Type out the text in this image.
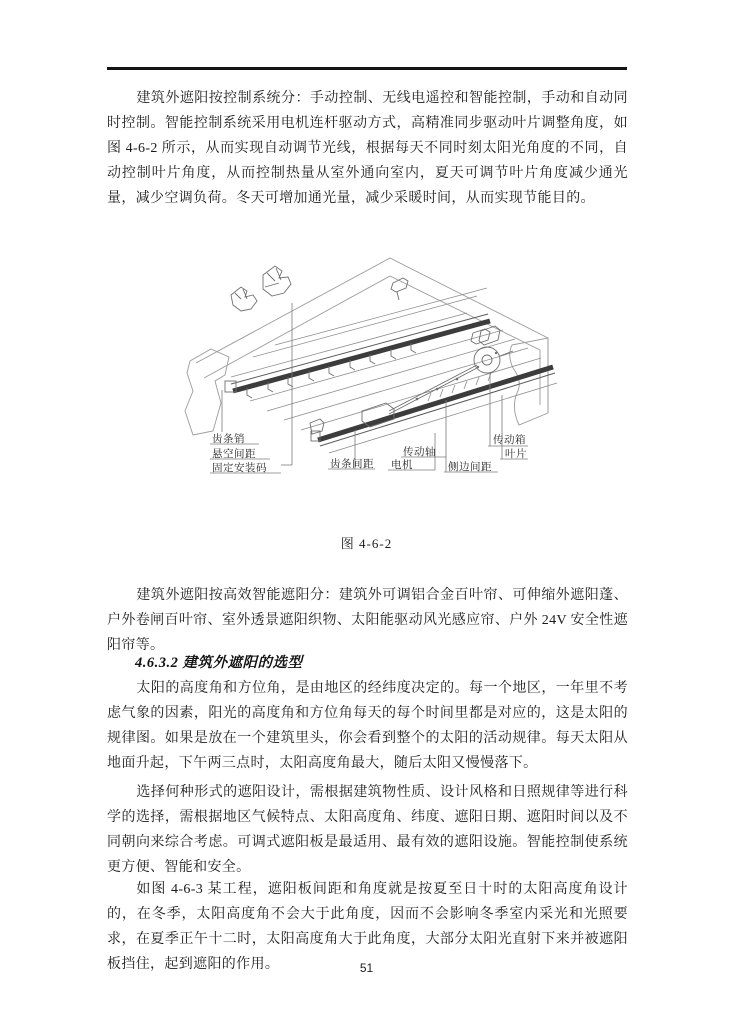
建筑外遮阳按控制系统分：手动控制、无线电遥控和智能控制，手动和自动同时控制。智能控制系统采用电机连杆驱动方式，高精准同步驱动叶片调整角度，如图 4-6-2 所示，从而实现自动调节光线，根据每天不同时刻太阳光角度的不同，自动控制叶片角度，从而控制热量从室外通向室内，夏天可调节叶片角度减少通光量，减少空调负荷。冬天可增加通光量，减少采暖时间，从而实现节能目的。

齿条销
悬空间距
固定安装码	齿条间距 电机
传动轴
侧边间距
传动箱
叶片
图 4-6-2

建筑外遮阳按高效智能遮阳分：建筑外可调铝合金百叶帘、可伸缩外遮阳蓬、户外卷闸百叶帘、室外透景遮阳织物、太阳能驱动风光感应帘、户外 24V 安全性遮阳帘等。

4.6.3.2 建筑外遮阳的选型

太阳的高度角和方位角，是由地区的经纬度决定的。每一个地区，一年里不考虑气象的因素，阳光的高度角和方位角每天的每个时间里都是对应的，这是太阳的规律图。如果是放在一个建筑里头，你会看到整个的太阳的活动规律。每天太阳从地面升起，下午两三点时，太阳高度角最大，随后太阳又慢慢落下。

选择何种形式的遮阳设计，需根据建筑物性质、设计风格和日照规律等进行科学的选择，需根据地区气候特点、太阳高度角、纬度、遮阳日期、遮阳时间以及不同朝向来综合考虑。可调式遮阳板是最适用、最有效的遮阳设施。智能控制使系统更方便、智能和安全。

如图 4-6-3 某工程，遮阳板间距和角度就是按夏至日十时的太阳高度角设计的，在冬季，太阳高度角不会大于此角度，因而不会影响冬季室内采光和光照要求，在夏季正午十二时，太阳高度角大于此角度，大部分太阳光直射下来并被遮阳板挡住，起到遮阳的作用。	51
